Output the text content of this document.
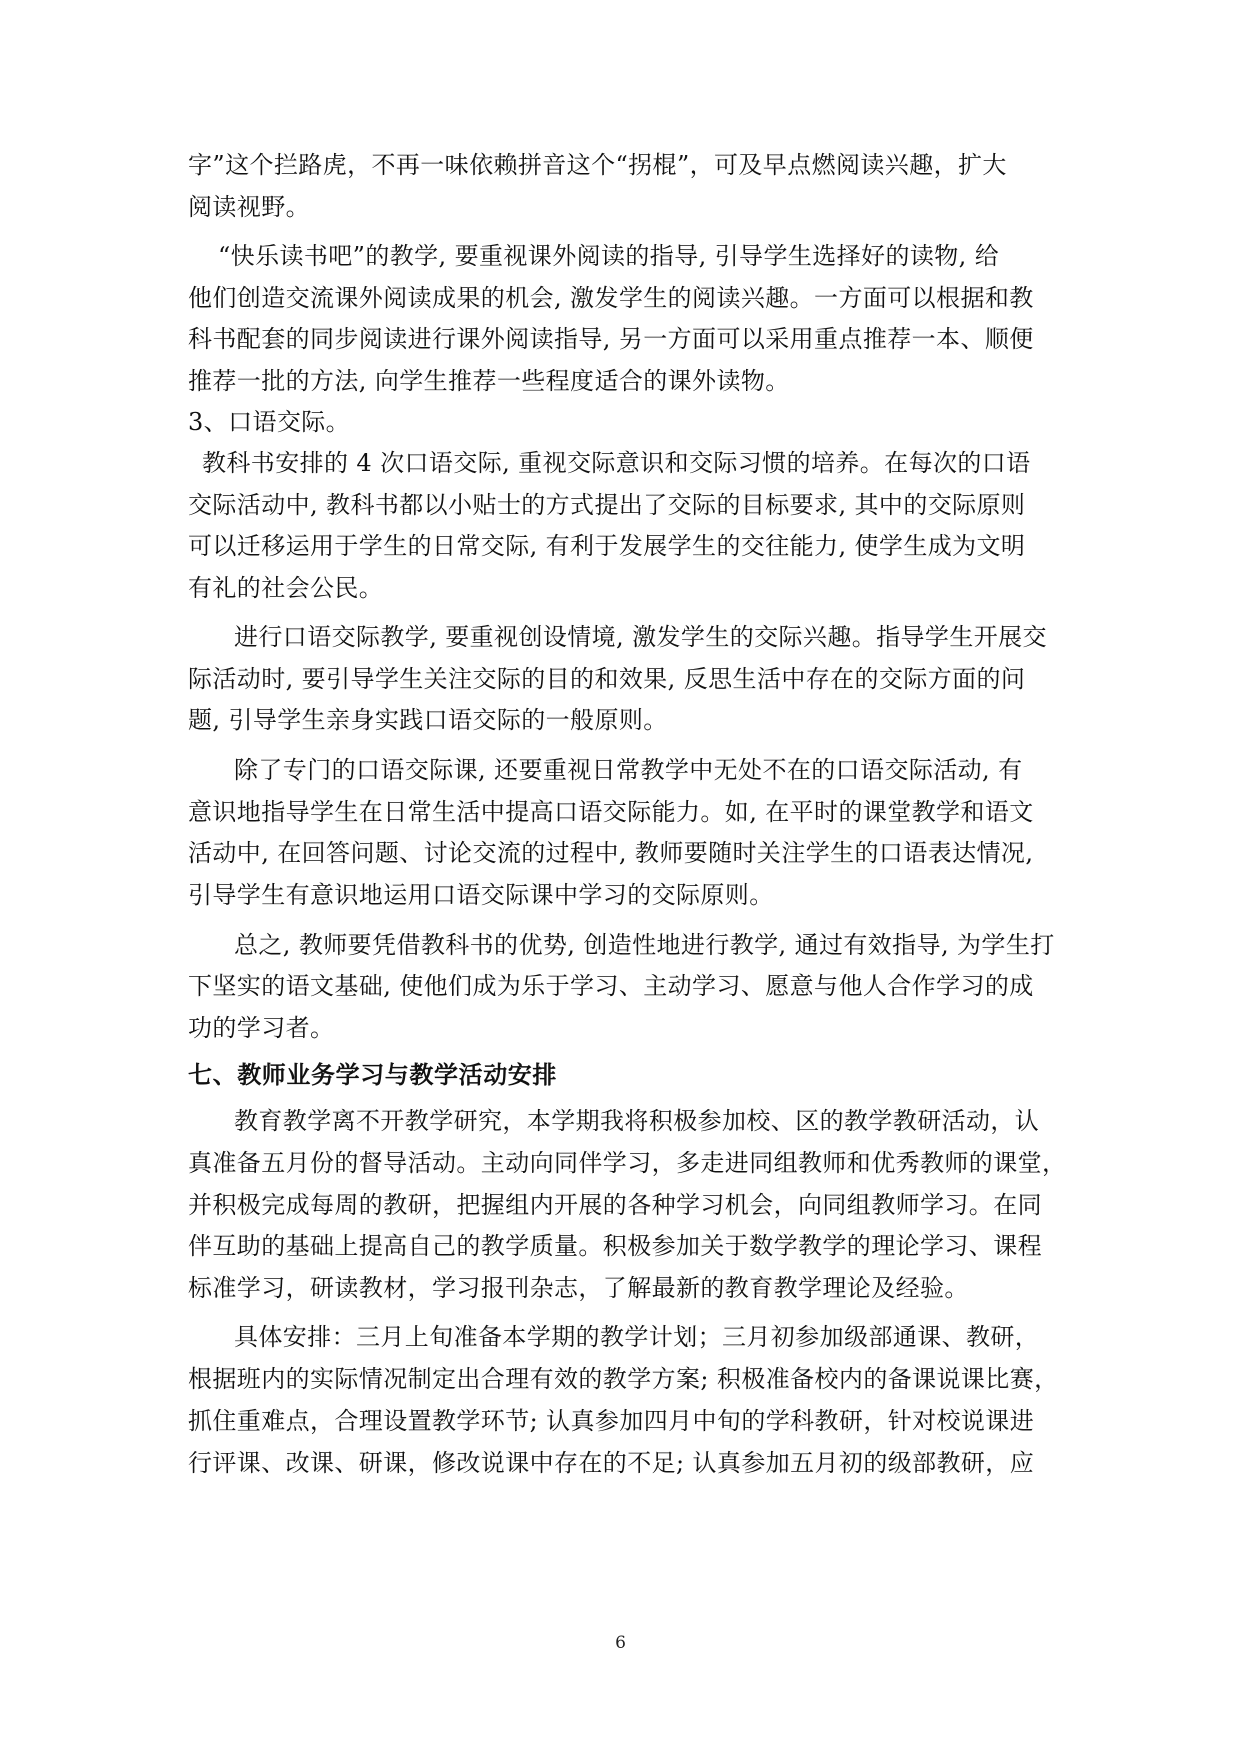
字”这个拦路虎，不再一味依赖拼音这个“拐棍”，可及早点燃阅读兴趣，扩大
阅读视野。
“快乐读书吧”的教学, 要重视课外阅读的指导, 引导学生选择好的读物, 给
他们创造交流课外阅读成果的机会, 激发学生的阅读兴趣。一方面可以根据和教
科书配套的同步阅读进行课外阅读指导, 另一方面可以采用重点推荐一本、顺便
推荐一批的方法, 向学生推荐一些程度适合的课外读物。
3、口语交际。
教科书安排的 4 次口语交际, 重视交际意识和交际习惯的培养。在每次的口语
交际活动中, 教科书都以小贴士的方式提出了交际的目标要求, 其中的交际原则
可以迁移运用于学生的日常交际, 有利于发展学生的交往能力, 使学生成为文明
有礼的社会公民。
进行口语交际教学, 要重视创设情境, 激发学生的交际兴趣。指导学生开展交
际活动时, 要引导学生关注交际的目的和效果, 反思生活中存在的交际方面的问
题, 引导学生亲身实践口语交际的一般原则。
除了专门的口语交际课, 还要重视日常教学中无处不在的口语交际活动, 有
意识地指导学生在日常生活中提高口语交际能力。如, 在平时的课堂教学和语文
活动中, 在回答问题、讨论交流的过程中, 教师要随时关注学生的口语表达情况,
引导学生有意识地运用口语交际课中学习的交际原则。
总之, 教师要凭借教科书的优势, 创造性地进行教学, 通过有效指导, 为学生打
下坚实的语文基础, 使他们成为乐于学习、主动学习、愿意与他人合作学习的成
功的学习者。
七、教师业务学习与教学活动安排
教育教学离不开教学研究，本学期我将积极参加校、区的教学教研活动，认
真准备五月份的督导活动。主动向同伴学习，多走进同组教师和优秀教师的课堂，
并积极完成每周的教研，把握组内开展的各种学习机会，向同组教师学习。在同
伴互助的基础上提高自己的教学质量。积极参加关于数学教学的理论学习、课程
标准学习，研读教材，学习报刊杂志，了解最新的教育教学理论及经验。
具体安排：三月上旬准备本学期的教学计划；三月初参加级部通课、教研，
根据班内的实际情况制定出合理有效的教学方案; 积极准备校内的备课说课比赛，
抓住重难点，合理设置教学环节; 认真参加四月中旬的学科教研，针对校说课进
行评课、改课、研课，修改说课中存在的不足; 认真参加五月初的级部教研，应
6
